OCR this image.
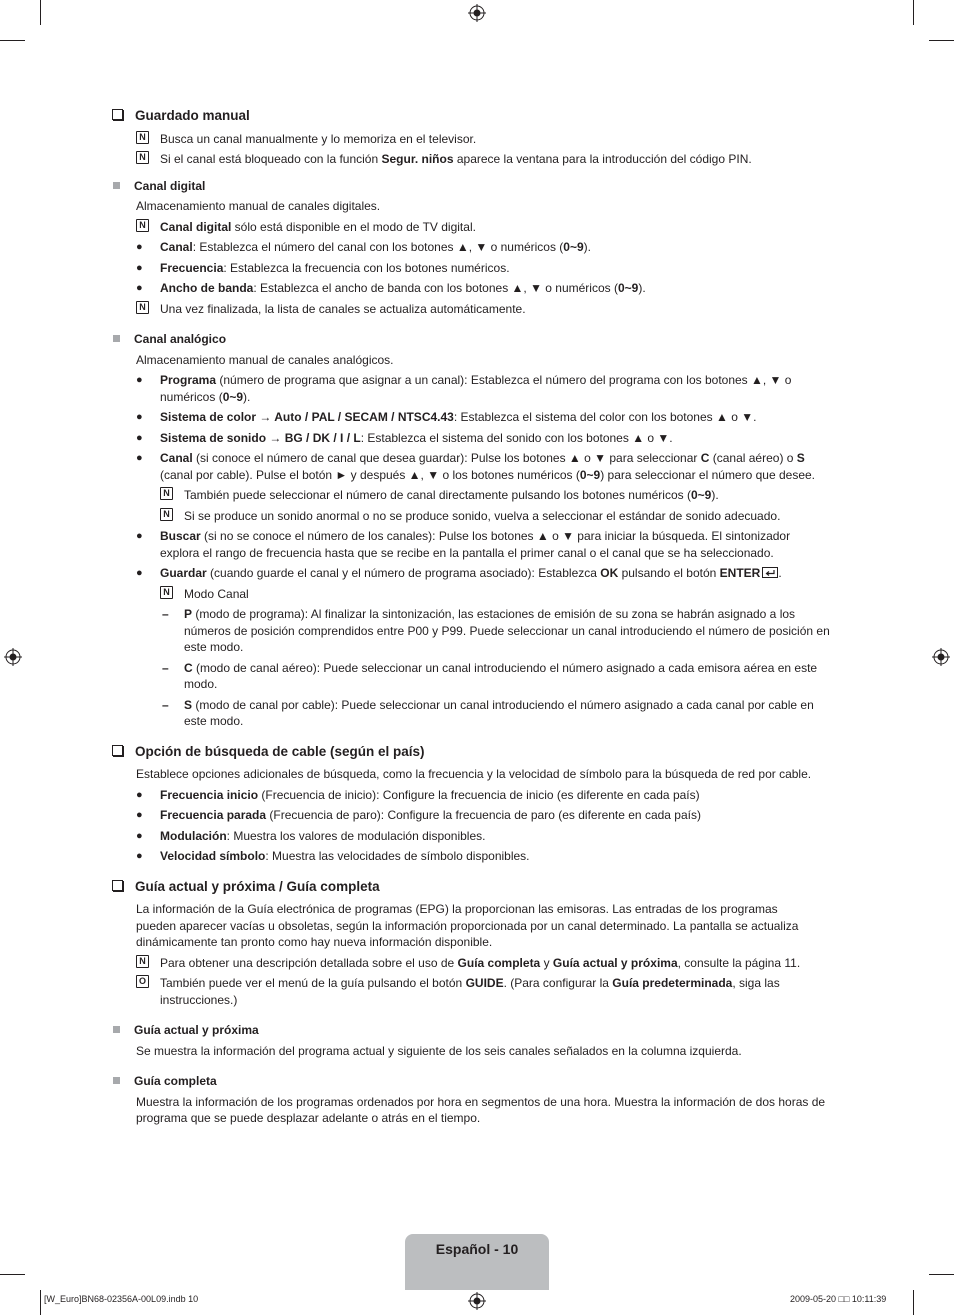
Guardado manual
N Busca un canal manualmente y lo memoriza en el televisor.
N Si el canal está bloqueado con la función Segur. niños aparece la ventana para la introducción del código PIN.
Canal digital
Almacenamiento manual de canales digitales.
N Canal digital sólo está disponible en el modo de TV digital.
● Canal: Establezca el número del canal con los botones ▲, ▼ o numéricos (0~9).
● Frecuencia: Establezca la frecuencia con los botones numéricos.
● Ancho de banda: Establezca el ancho de banda con los botones ▲, ▼ o numéricos (0~9).
N Una vez finalizada, la lista de canales se actualiza automáticamente.
Canal analógico
Almacenamiento manual de canales analógicos.
● Programa (número de programa que asignar a un canal): Establezca el número del programa con los botones ▲, ▼ o
numéricos (0~9).
● Sistema de color → Auto / PAL / SECAM / NTSC4.43: Establezca el sistema del color con los botones ▲ o ▼.
● Sistema de sonido → BG / DK / I / L: Establezca el sistema del sonido con los botones ▲ o ▼.
● Canal (si conoce el número de canal que desea guardar): Pulse los botones ▲ o ▼ para seleccionar C (canal aéreo) o S
(canal por cable). Pulse el botón ► y después ▲, ▼ o los botones numéricos (0~9) para seleccionar el número que desee.
N También puede seleccionar el número de canal directamente pulsando los botones numéricos (0~9).
N Si se produce un sonido anormal o no se produce sonido, vuelva a seleccionar el estándar de sonido adecuado.
● Buscar (si no se conoce el número de los canales): Pulse los botones ▲ o ▼ para iniciar la búsqueda. El sintonizador
explora el rango de frecuencia hasta que se recibe en la pantalla el primer canal o el canal que se ha seleccionado.
● Guardar (cuando guarde el canal y el número de programa asociado): Establezca OK pulsando el botón ENTER .
N Modo Canal
– P (modo de programa): Al finalizar la sintonización, las estaciones de emisión de su zona se habrán asignado a los
números de posición comprendidos entre P00 y P99. Puede seleccionar un canal introduciendo el número de posición en
este modo.
– C (modo de canal aéreo): Puede seleccionar un canal introduciendo el número asignado a cada emisora aérea en este
modo.
– S (modo de canal por cable): Puede seleccionar un canal introduciendo el número asignado a cada canal por cable en
este modo.
Opción de búsqueda de cable (según el país)
Establece opciones adicionales de búsqueda, como la frecuencia y la velocidad de símbolo para la búsqueda de red por cable.
● Frecuencia inicio (Frecuencia de inicio): Configure la frecuencia de inicio (es diferente en cada país)
● Frecuencia parada (Frecuencia de paro): Configure la frecuencia de paro (es diferente en cada país)
● Modulación: Muestra los valores de modulación disponibles.
● Velocidad símbolo: Muestra las velocidades de símbolo disponibles.
Guía actual y próxima / Guía completa
La información de la Guía electrónica de programas (EPG) la proporcionan las emisoras. Las entradas de los programas
pueden aparecer vacías u obsoletas, según la información proporcionada por un canal determinado. La pantalla se actualiza
dinámicamente tan pronto como hay nueva información disponible.
N Para obtener una descripción detallada sobre el uso de Guía completa y Guía actual y próxima, consulte la página 11.
O También puede ver el menú de la guía pulsando el botón GUIDE. (Para configurar la Guía predeterminada, siga las
instrucciones.)
Guía actual y próxima
Se muestra la información del programa actual y siguiente de los seis canales señalados en la columna izquierda.
Guía completa
Muestra la información de los programas ordenados por hora en segmentos de una hora. Muestra la información de dos horas de
programa que se puede desplazar adelante o atrás en el tiempo.
Español - 10
[W_Euro]BN68-02356A-00L09.indb 10	2009-05-20 □□ 10:11:39
